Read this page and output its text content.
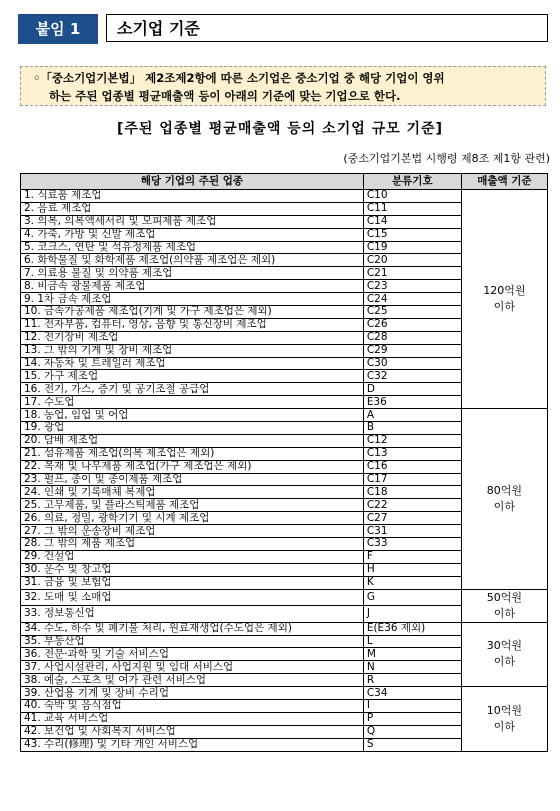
붙임 1	소기업 기준
◦「중소기업기본법」 제2조제2항에 따른 소기업은 중소기업 중 해당 기업이 영위
하는 주된 업종별 평균매출액 등이 아래의 기준에 맞는 기업으로 한다.
[주된 업종별 평균매출액 등의 소기업 규모 기준]
(중소기업기본법 시행령 제8조 제1항 관련)
해당 기업의 주된 업종	분류기호	매출액 기준
1. 식료품 제조업	C10	120억원
이하

2. 음료 제조업	C11	
3. 의복, 의복액세서리 및 모피제품 제조업	C14	
4. 가죽, 가방 및 신발 제조업	C15	
5. 코크스, 연탄 및 석유정제품 제조업	C19	
6. 화학물질 및 화학제품 제조업(의약품 제조업은 제외)	C20	
7. 의료용 물질 및 의약품 제조업	C21	
8. 비금속 광물제품 제조업	C23	
9. 1차 금속 제조업	C24	
10. 금속가공제품 제조업(기계 및 가구 제조업은 제외)	C25	
11. 전자부품, 컴퓨터, 영상, 음향 및 통신장비 제조업	C26	
12. 전기장비 제조업	C28	
13. 그 밖의 기계 및 장비 제조업	C29	
14. 자동차 및 트레일러 제조업	C30	
15. 가구 제조업	C32	
16. 전기, 가스, 증기 및 공기조절 공급업	D	
17. 수도업	E36	
18. 농업, 임업 및 어업	A	80억원
이하

19. 광업	B	
20. 담배 제조업	C12	
21. 섬유제품 제조업(의복 제조업은 제외)	C13	
22. 목재 및 나무제품 제조업(가구 제조업은 제외)	C16	
23. 펄프, 종이 및 종이제품 제조업	C17	
24. 인쇄 및 기록매체 복제업	C18	
25. 고무제품, 및 플라스틱제품 제조업	C22	
26. 의료, 정밀, 광학기기 및 시계 제조업	C27	
27. 그 밖의 운송장비 제조업	C31	
28. 그 밖의 제품 제조업	C33	
29. 건설업	F	
30. 운수 및 창고업	H	
31. 금융 및 보험업	K	
32. 도매 및 소매업	G	50억원
이하

33. 정보통신업	J	
34. 수도, 하수 및 폐기물 처리, 원료재생업(수도업은 제외)	E(E36 제외)	30억원
이하

35. 부동산업	L	
36. 전문·과학 및 기술 서비스업	M	
37. 사업시설관리, 사업지원 및 임대 서비스업	N	
38. 예술, 스포츠 및 여가 관련 서비스업	R	
39. 산업용 기계 및 장비 수리업	C34	10억원
이하

40. 숙박 및 음식점업	I	
41. 교육 서비스업	P	
42. 보건업 및 사회복지 서비스업	Q	
43. 수리(修理) 및 기타 개인 서비스업	S	
